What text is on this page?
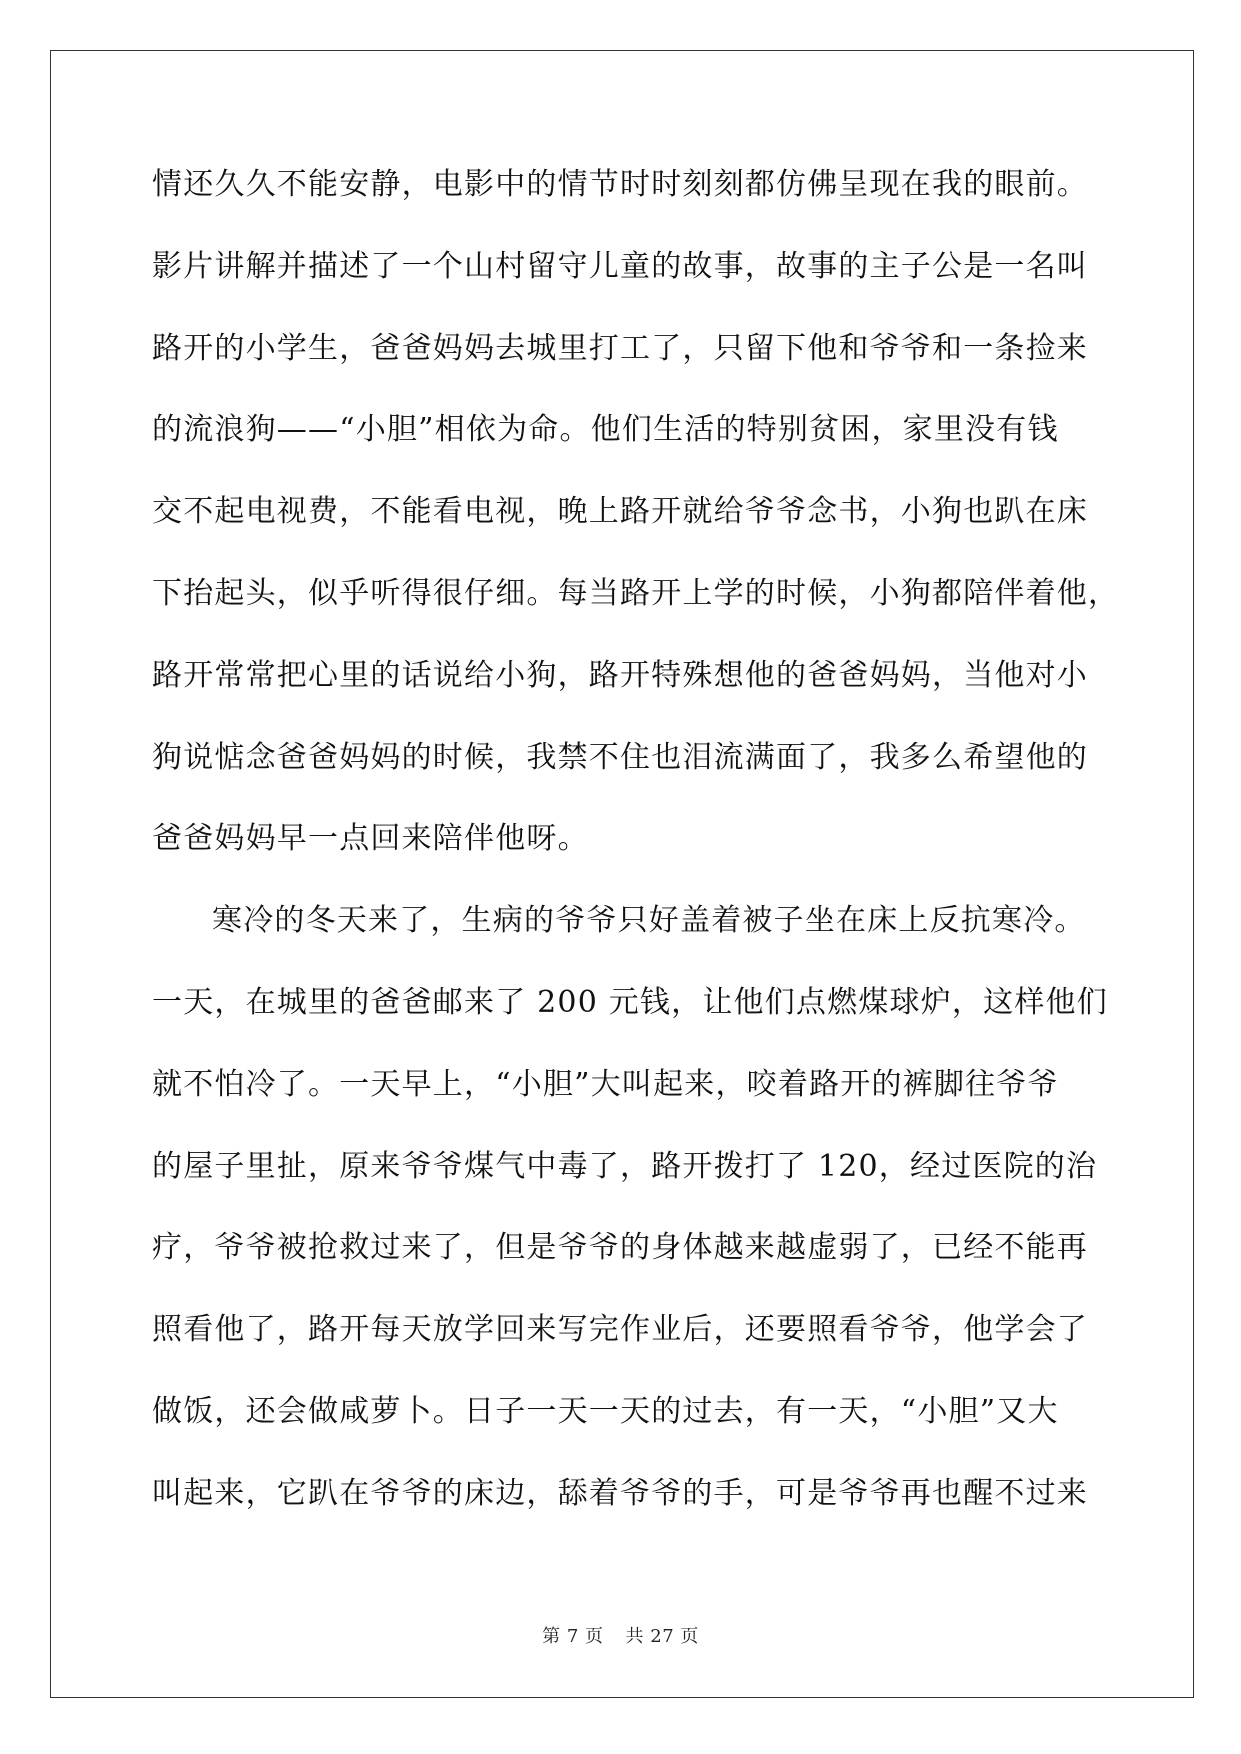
情还久久不能安静，电影中的情节时时刻刻都仿佛呈现在我的眼前。
影片讲解并描述了一个山村留守儿童的故事，故事的主子公是一名叫
路开的小学生，爸爸妈妈去城里打工了，只留下他和爷爷和一条捡来
的流浪狗——“小胆”相依为命。他们生活的特别贫困，家里没有钱
交不起电视费，不能看电视，晚上路开就给爷爷念书，小狗也趴在床
下抬起头，似乎听得很仔细。每当路开上学的时候，小狗都陪伴着他，
路开常常把心里的话说给小狗，路开特殊想他的爸爸妈妈，当他对小
狗说惦念爸爸妈妈的时候，我禁不住也泪流满面了，我多么希望他的
爸爸妈妈早一点回来陪伴他呀。
寒冷的冬天来了，生病的爷爷只好盖着被子坐在床上反抗寒冷。
一天，在城里的爸爸邮来了 200 元钱，让他们点燃煤球炉，这样他们
就不怕冷了。一天早上，“小胆”大叫起来，咬着路开的裤脚往爷爷
的屋子里扯，原来爷爷煤气中毒了，路开拨打了 120，经过医院的治
疗，爷爷被抢救过来了，但是爷爷的身体越来越虚弱了，已经不能再
照看他了，路开每天放学回来写完作业后，还要照看爷爷，他学会了
做饭，还会做咸萝卜。日子一天一天的过去，有一天，“小胆”又大
叫起来，它趴在爷爷的床边，舔着爷爷的手，可是爷爷再也醒不过来
第 7 页 共 27 页
